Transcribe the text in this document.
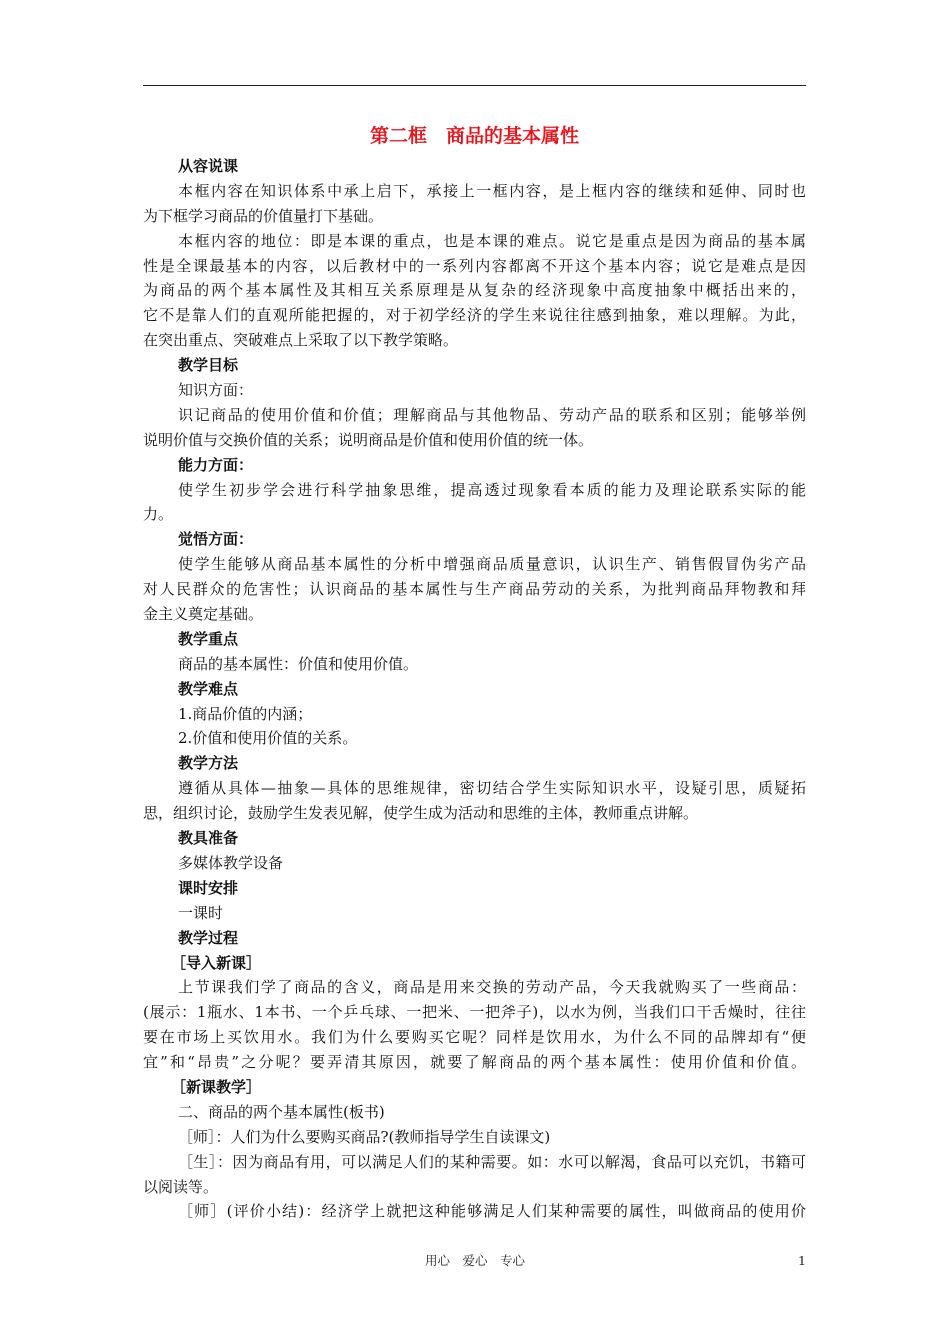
第二框　商品的基本属性

从容说课

本框内容在知识体系中承上启下，承接上一框内容，是上框内容的继续和延伸、同时也

为下框学习商品的价值量打下基础。

本框内容的地位：即是本课的重点，也是本课的难点。说它是重点是因为商品的基本属

性是全课最基本的内容，以后教材中的一系列内容都离不开这个基本内容；说它是难点是因

为商品的两个基本属性及其相互关系原理是从复杂的经济现象中高度抽象中概括出来的，

它不是靠人们的直观所能把握的，对于初学经济的学生来说往往感到抽象，难以理解。为此，

在突出重点、突破难点上采取了以下教学策略。

教学目标

知识方面：

识记商品的使用价值和价值；理解商品与其他物品、劳动产品的联系和区别；能够举例

说明价值与交换价值的关系；说明商品是价值和使用价值的统一体。

能力方面：

使学生初步学会进行科学抽象思维，提高透过现象看本质的能力及理论联系实际的能

力。

觉悟方面：

使学生能够从商品基本属性的分析中增强商品质量意识，认识生产、销售假冒伪劣产品

对人民群众的危害性；认识商品的基本属性与生产商品劳动的关系，为批判商品拜物教和拜

金主义奠定基础。

教学重点

商品的基本属性：价值和使用价值。

教学难点

1.商品价值的内涵；

2.价值和使用价值的关系。

教学方法

遵循从具体—抽象—具体的思维规律，密切结合学生实际知识水平，设疑引思，质疑拓

思，组织讨论，鼓励学生发表见解，使学生成为活动和思维的主体，教师重点讲解。

教具准备

多媒体教学设备

课时安排

一课时

教学过程

［导入新课］

上节课我们学了商品的含义，商品是用来交换的劳动产品，今天我就购买了一些商品：

(展示：1瓶水、1本书、一个乒乓球、一把米、一把斧子)，以水为例，当我们口干舌燥时，往往

要在市场上买饮用水。我们为什么要购买它呢？同样是饮用水，为什么不同的品牌却有“便

宜”和“昂贵”之分呢？要弄清其原因，就要了解商品的两个基本属性：使用价值和价值。

［新课教学］

二、商品的两个基本属性(板书)

［师］：人们为什么要购买商品?(教师指导学生自读课文)

［生］：因为商品有用，可以满足人们的某种需要。如：水可以解渴，食品可以充饥，书籍可

以阅读等。

［师］(评价小结)：经济学上就把这种能够满足人们某种需要的属性，叫做商品的使用价

用心　爱心　专心	1
